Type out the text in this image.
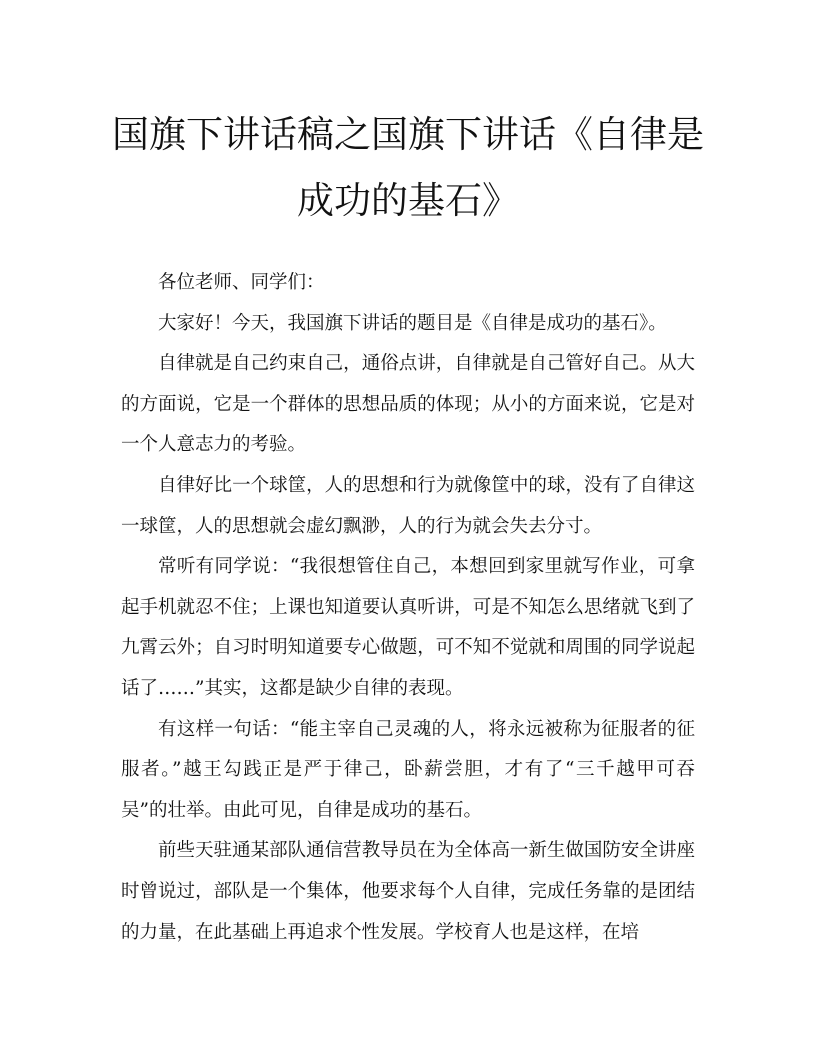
国旗下讲话稿之国旗下讲话《自律是成功的基石》

各位老师、同学们：

大家好！今天，我国旗下讲话的题目是《自律是成功的基石》。

自律就是自己约束自己，通俗点讲，自律就是自己管好自己。从大的方面说，它是一个群体的思想品质的体现；从小的方面来说，它是对一个人意志力的考验。

自律好比一个球筐，人的思想和行为就像筐中的球，没有了自律这一球筐，人的思想就会虚幻飘渺，人的行为就会失去分寸。

常听有同学说：“我很想管住自己，本想回到家里就写作业，可拿起手机就忍不住；上课也知道要认真听讲，可是不知怎么思绪就飞到了九霄云外；自习时明知道要专心做题，可不知不觉就和周围的同学说起话了……”其实，这都是缺少自律的表现。

有这样一句话：“能主宰自己灵魂的人，将永远被称为征服者的征服者。”越王勾践正是严于律己，卧薪尝胆，才有了“三千越甲可吞吴”的壮举。由此可见，自律是成功的基石。

前些天驻通某部队通信营教导员在为全体高一新生做国防安全讲座时曾说过，部队是一个集体，他要求每个人自律，完成任务靠的是团结的力量，在此基础上再追求个性发展。学校育人也是这样，在培
